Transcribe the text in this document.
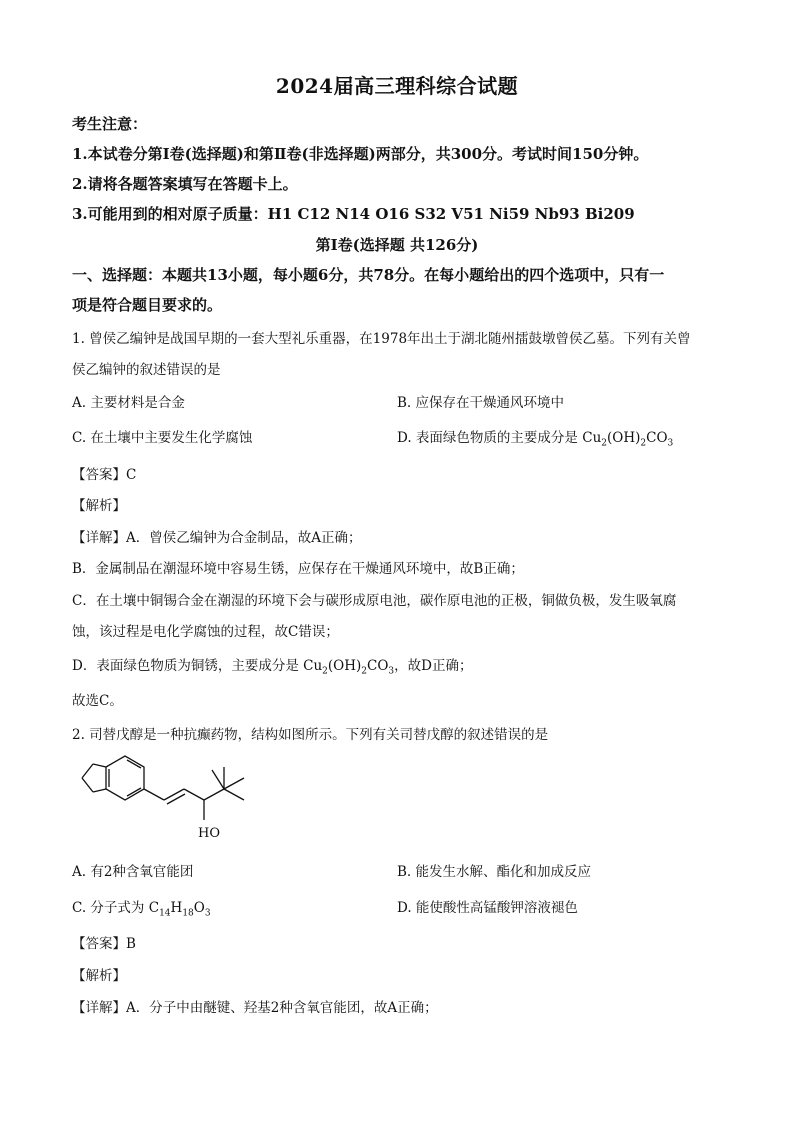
2024届高三理科综合试题
考生注意：
1.本试卷分第Ⅰ卷(选择题)和第Ⅱ卷(非选择题)两部分，共300分。考试时间150分钟。
2.请将各题答案填写在答题卡上。
3.可能用到的相对原子质量：H1 C12 N14 O16 S32 V51 Ni59 Nb93 Bi209
第Ⅰ卷(选择题 共126分)
一、选择题：本题共13小题，每小题6分，共78分。在每小题给出的四个选项中，只有一
项是符合题目要求的。
1. 曾侯乙编钟是战国早期的一套大型礼乐重器，在1978年出土于湖北随州擂鼓墩曾侯乙墓。下列有关曾
侯乙编钟的叙述错误的是
A. 主要材料是合金	B. 应保存在干燥通风环境中
C. 在土壤中主要发生化学腐蚀	D. 表面绿色物质的主要成分是 $Cu_2(OH)_2CO_3$
【答案】C
【解析】
【详解】A．曾侯乙编钟为合金制品，故A正确；
B．金属制品在潮湿环境中容易生锈，应保存在干燥通风环境中，故B正确；
C．在土壤中铜锡合金在潮湿的环境下会与碳形成原电池，碳作原电池的正极，铜做负极，发生吸氧腐
蚀，该过程是电化学腐蚀的过程，故C错误；
D．表面绿色物质为铜锈，主要成分是 $Cu_2(OH)_2CO_3$，故D正确；
故选C。
2. 司替戊醇是一种抗癫药物，结构如图所示。下列有关司替戊醇的叙述错误的是
HO
A. 有2种含氧官能团	B. 能发生水解、酯化和加成反应
C. 分子式为 $C_{14}H_{18}O_3$	D. 能使酸性高锰酸钾溶液褪色
【答案】B
【解析】
【详解】A．分子中由醚键、羟基2种含氧官能团，故A正确；
